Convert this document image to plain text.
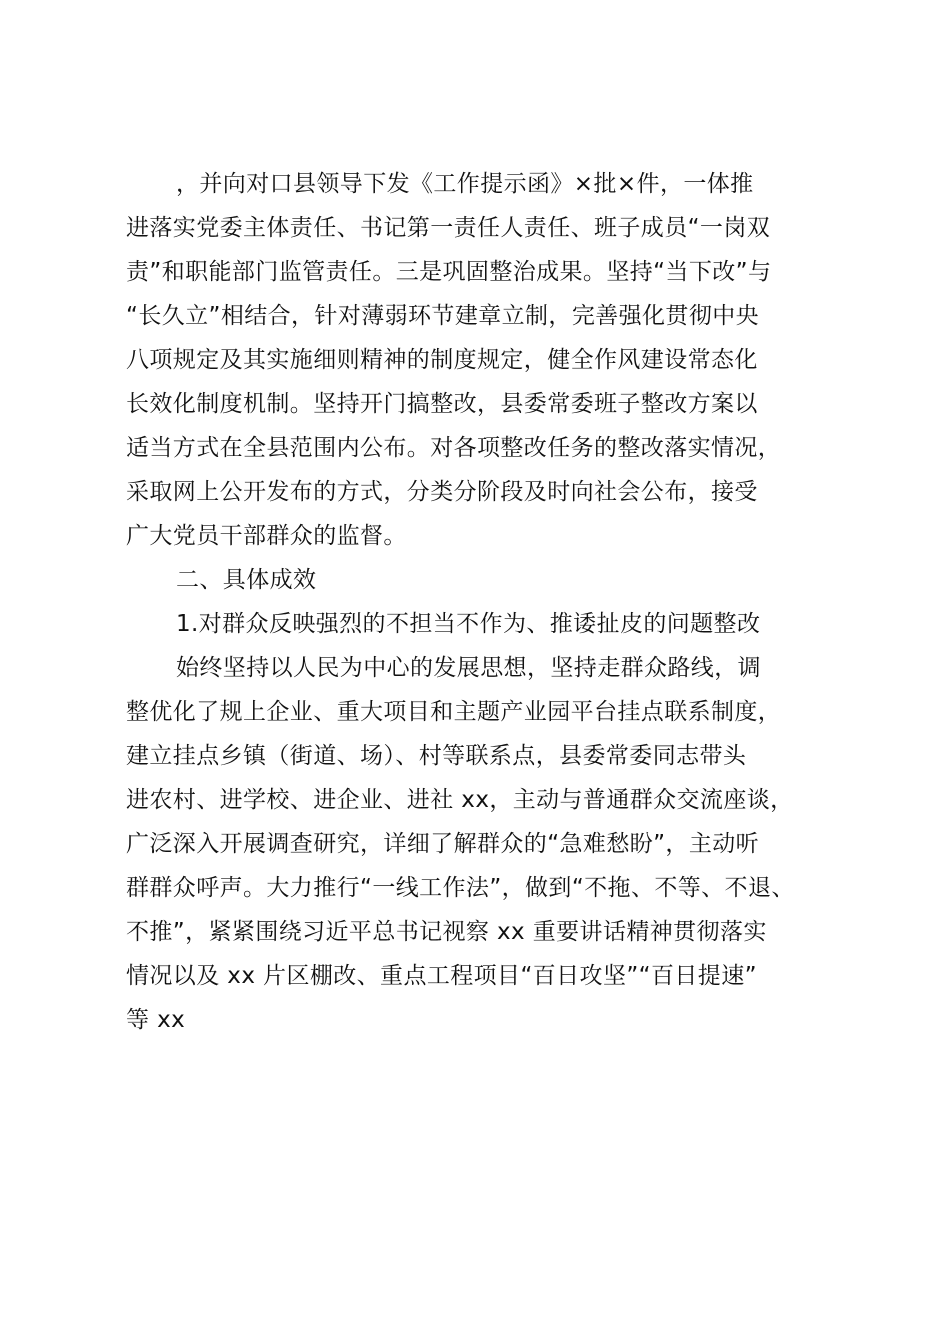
，并向对口县领导下发《工作提示函》×批×件，一体推
进落实党委主体责任、书记第一责任人责任、班子成员“一岗双
责”和职能部门监管责任。三是巩固整治成果。坚持“当下改”与
“长久立”相结合，针对薄弱环节建章立制，完善强化贯彻中央
八项规定及其实施细则精神的制度规定，健全作风建设常态化
长效化制度机制。坚持开门搞整改，县委常委班子整改方案以
适当方式在全县范围内公布。对各项整改任务的整改落实情况，
采取网上公开发布的方式，分类分阶段及时向社会公布，接受
广大党员干部群众的监督。
二、具体成效
1.对群众反映强烈的不担当不作为、推诿扯皮的问题整改
始终坚持以人民为中心的发展思想，坚持走群众路线，调
整优化了规上企业、重大项目和主题产业园平台挂点联系制度，
建立挂点乡镇（街道、场）、村等联系点，县委常委同志带头
进农村、进学校、进企业、进社 xx，主动与普通群众交流座谈，
广泛深入开展调查研究，详细了解群众的“急难愁盼”，主动听
群群众呼声。大力推行“一线工作法”，做到“不拖、不等、不退、
不推”，紧紧围绕习近平总书记视察 xx 重要讲话精神贯彻落实
情况以及 xx 片区棚改、重点工程项目“百日攻坚”“百日提速”
等 xx
